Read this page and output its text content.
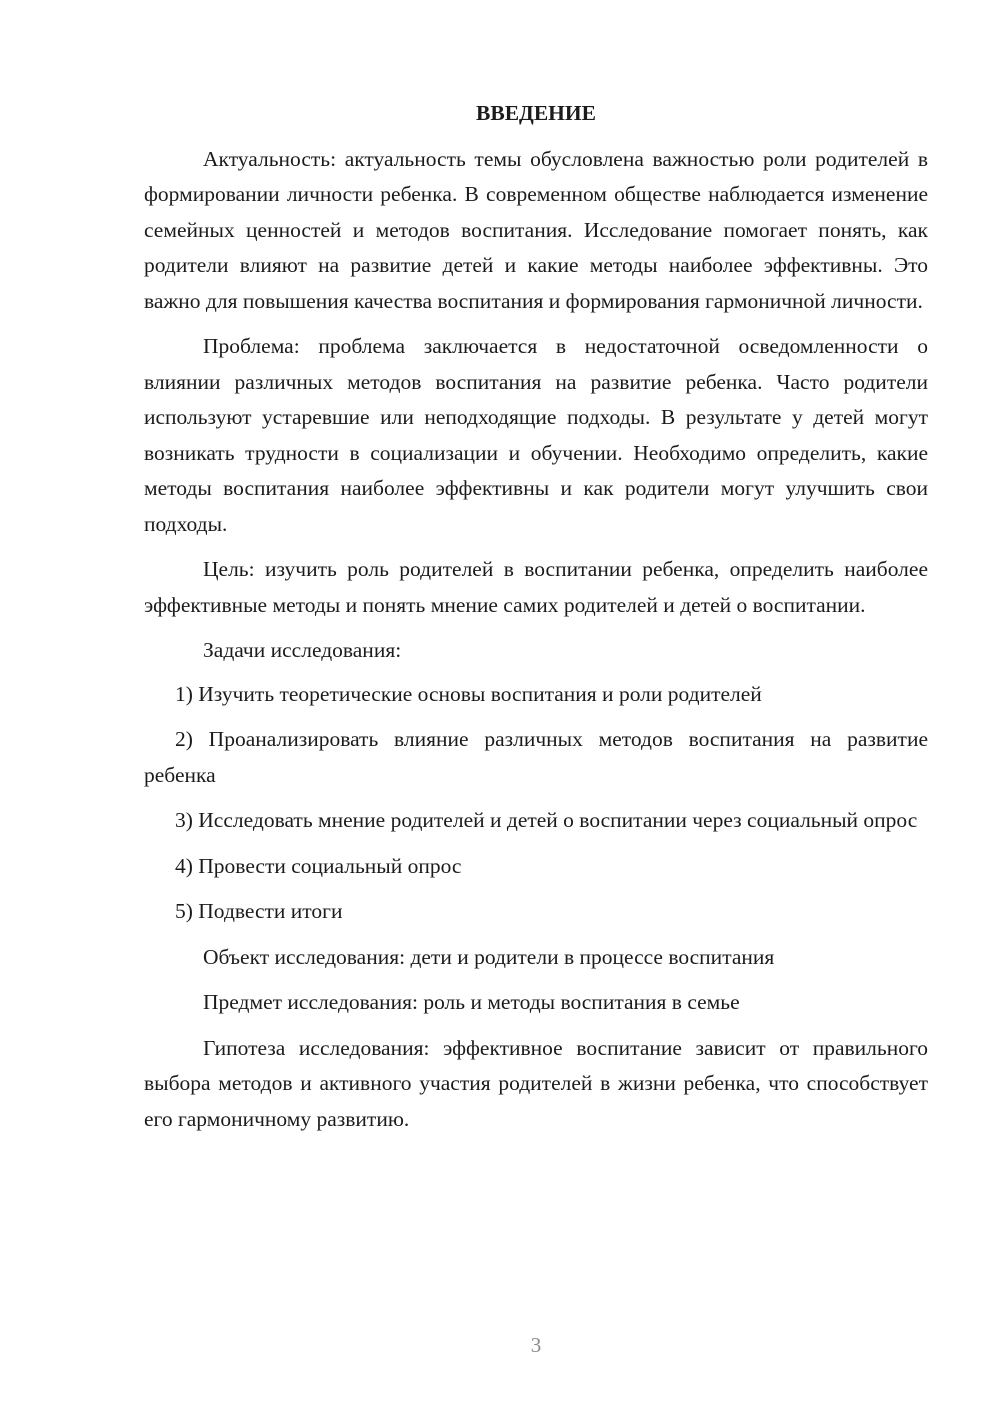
ВВЕДЕНИЕ

Актуальность: актуальность темы обусловлена важностью роли родителей в формировании личности ребенка. В современном обществе наблюдается изменение семейных ценностей и методов воспитания. Исследование помогает понять, как родители влияют на развитие детей и какие методы наиболее эффективны. Это важно для повышения качества воспитания и формирования гармоничной личности.

Проблема: проблема заключается в недостаточной осведомленности о влиянии различных методов воспитания на развитие ребенка. Часто родители используют устаревшие или неподходящие подходы. В результате у детей могут возникать трудности в социализации и обучении. Необходимо определить, какие методы воспитания наиболее эффективны и как родители могут улучшить свои подходы.

Цель: изучить роль родителей в воспитании ребенка, определить наиболее эффективные методы и понять мнение самих родителей и детей о воспитании.

Задачи исследования:

1) Изучить теоретические основы воспитания и роли родителей

2) Проанализировать влияние различных методов воспитания на развитие ребенка

3) Исследовать мнение родителей и детей о воспитании через социальный опрос

4) Провести социальный опрос

5) Подвести итоги

Объект исследования: дети и родители в процессе воспитания

Предмет исследования: роль и методы воспитания в семье

Гипотеза исследования: эффективное воспитание зависит от правильного выбора методов и активного участия родителей в жизни ребенка, что способствует его гармоничному развитию.

3
